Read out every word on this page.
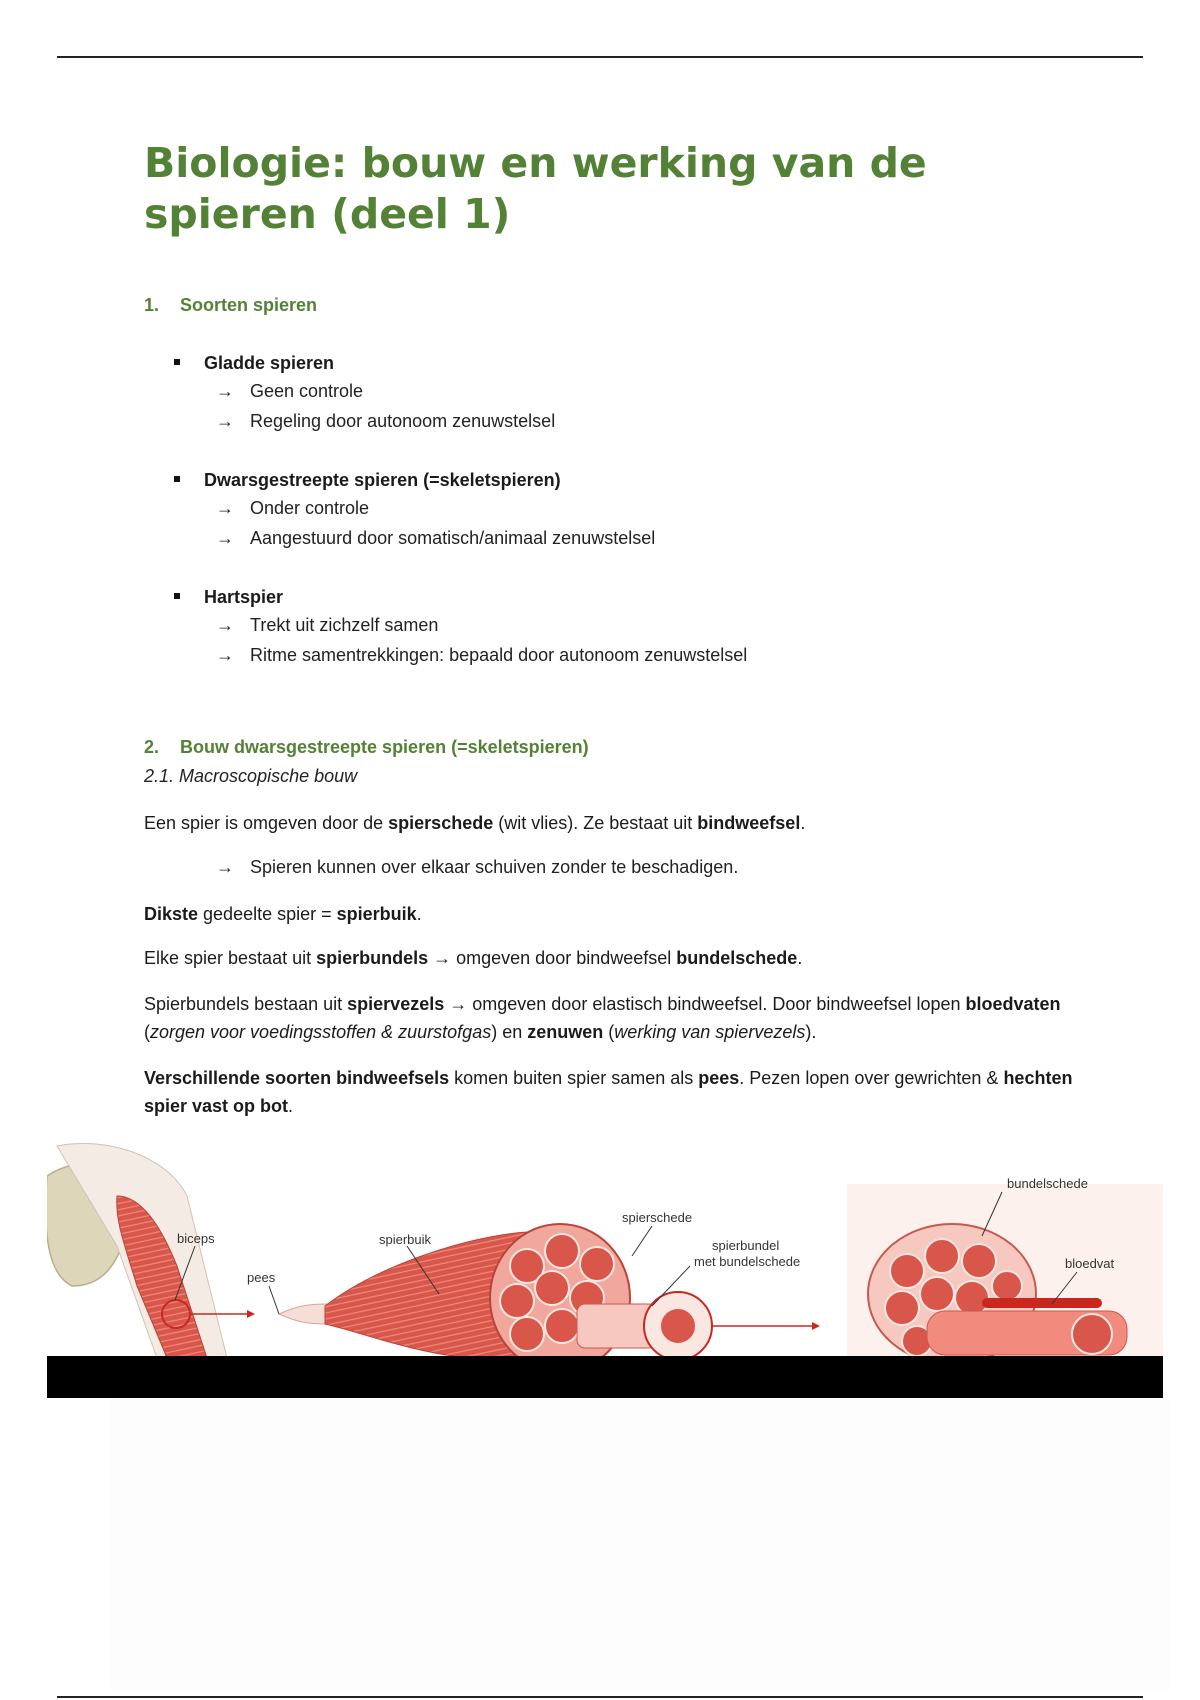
Biologie: bouw en werking van de
spieren (deel 1)
1. Soorten spieren
Gladde spieren
→ Geen controle
→ Regeling door autonoom zenuwstelsel
Dwarsgestreepte spieren (=skeletspieren)
→ Onder controle
→ Aangestuurd door somatisch/animaal zenuwstelsel
Hartspier
→ Trekt uit zichzelf samen
→ Ritme samentrekkingen: bepaald door autonoom zenuwstelsel
2. Bouw dwarsgestreepte spieren (=skeletspieren)
2.1. Macroscopische bouw
Een spier is omgeven door de spierschede (wit vlies). Ze bestaat uit bindweefsel.
→ Spieren kunnen over elkaar schuiven zonder te beschadigen.
Dikste gedeelte spier = spierbuik.
Elke spier bestaat uit spierbundels → omgeven door bindweefsel bundelschede.
Spierbundels bestaan uit spiervezels → omgeven door elastisch bindweefsel. Door bindweefsel lopen bloedvaten (zorgen voor voedingsstoffen & zuurstofgas) en zenuwen (werking van spiervezels).
Verschillende soorten bindweefsels komen buiten spier samen als pees. Pezen lopen over gewrichten & hechten spier vast op bot.
biceps
pees
spierbuik
spierschede
spierbundel
met bundelschede
bundelschede
bloedvat
